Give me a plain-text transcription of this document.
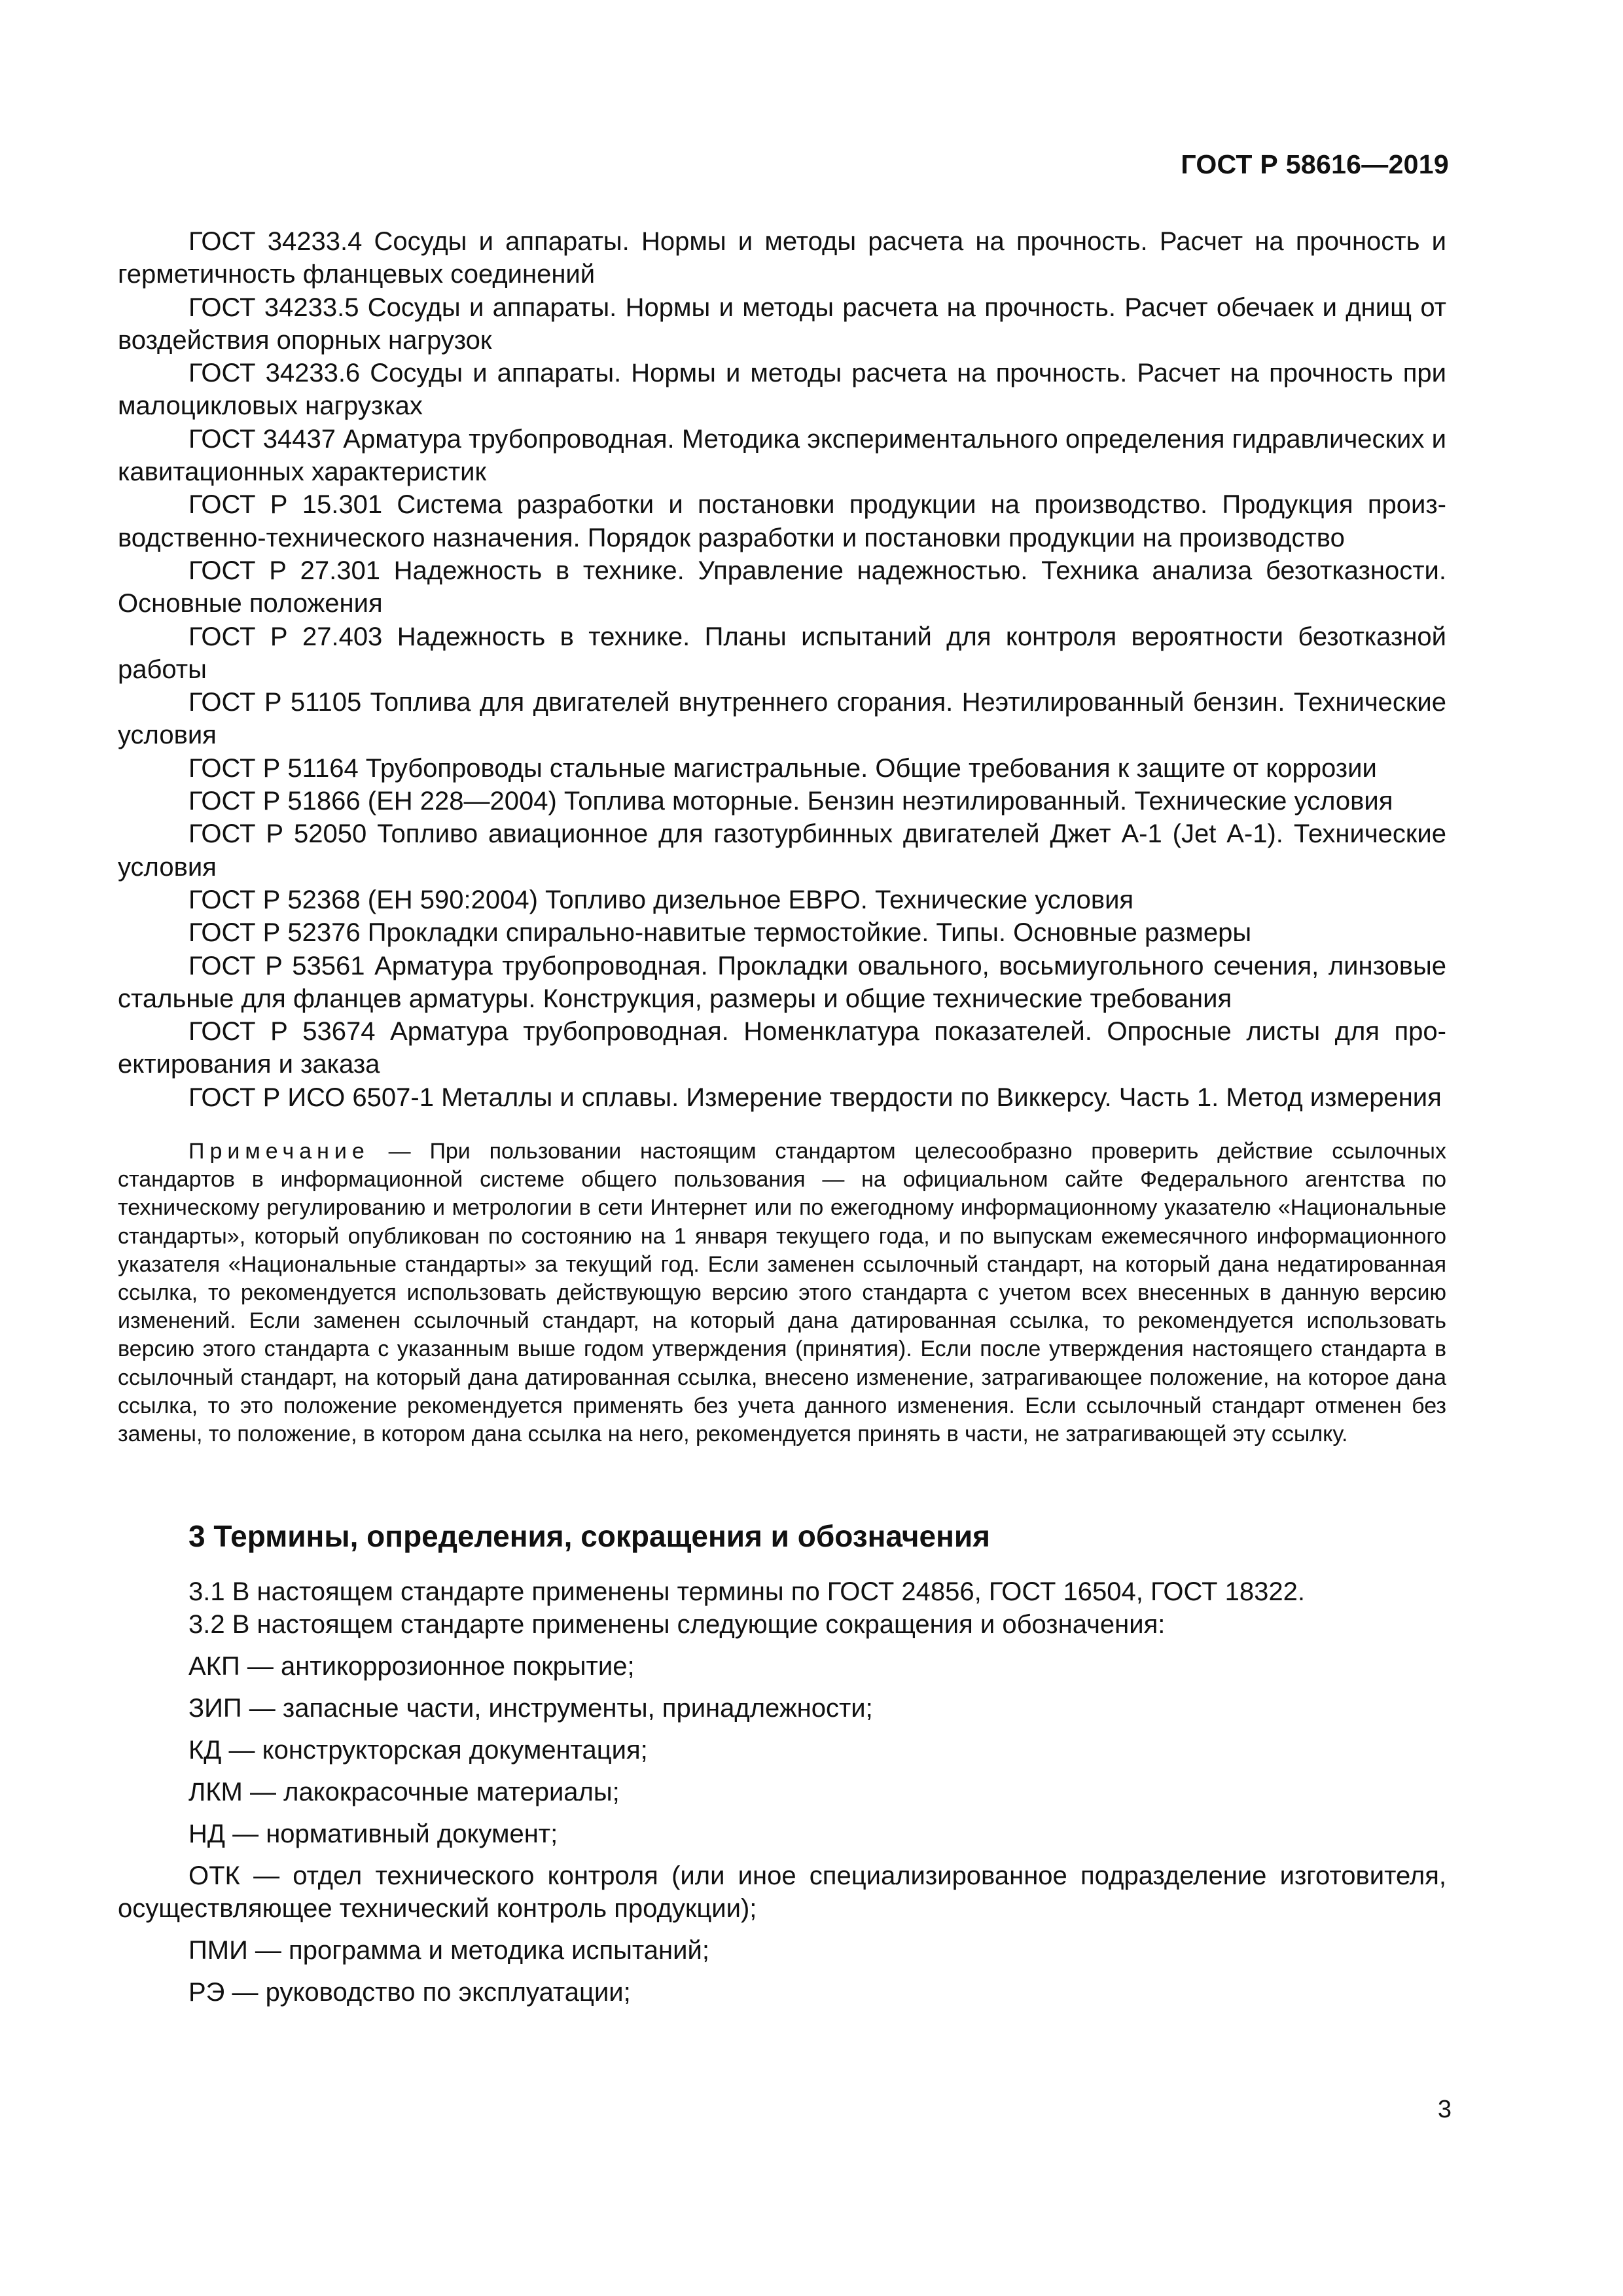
ГОСТ Р 58616—2019

ГОСТ 34233.4 Сосуды и аппараты. Нормы и методы расчета на прочность. Расчет на прочность и герметичность фланцевых соединений

ГОСТ 34233.5 Сосуды и аппараты. Нормы и методы расчета на прочность. Расчет обечаек и днищ от воздействия опорных нагрузок

ГОСТ 34233.6 Сосуды и аппараты. Нормы и методы расчета на прочность. Расчет на прочность при малоцикловых нагрузках

ГОСТ 34437 Арматура трубопроводная. Методика экспериментального определения гидравлических и кавитационных характеристик

ГОСТ Р 15.301 Система разработки и постановки продукции на производство. Продукция производственно-технического назначения. Порядок разработки и постановки продукции на производство

ГОСТ Р 27.301 Надежность в технике. Управление надежностью. Техника анализа безотказности. Основные положения

ГОСТ Р 27.403 Надежность в технике. Планы испытаний для контроля вероятности безотказной работы

ГОСТ Р 51105 Топлива для двигателей внутреннего сгорания. Неэтилированный бензин. Технические условия

ГОСТ Р 51164 Трубопроводы стальные магистральные. Общие требования к защите от коррозии

ГОСТ Р 51866 (ЕН 228—2004) Топлива моторные. Бензин неэтилированный. Технические условия

ГОСТ Р 52050 Топливо авиационное для газотурбинных двигателей Джет А-1 (Jet А-1). Технические условия

ГОСТ Р 52368 (ЕН 590:2004) Топливо дизельное ЕВРО. Технические условия

ГОСТ Р 52376 Прокладки спирально-навитые термостойкие. Типы. Основные размеры

ГОСТ Р 53561 Арматура трубопроводная. Прокладки овального, восьмиугольного сечения, линзовые стальные для фланцев арматуры. Конструкция, размеры и общие технические требования

ГОСТ Р 53674 Арматура трубопроводная. Номенклатура показателей. Опросные листы для проектирования и заказа

ГОСТ Р ИСО 6507-1 Металлы и сплавы. Измерение твердости по Виккерсу. Часть 1. Метод измерения

Примечание — При пользовании настоящим стандартом целесообразно проверить действие ссылочных стандартов в информационной системе общего пользования — на официальном сайте Федерального агентства по техническому регулированию и метрологии в сети Интернет или по ежегодному информационному указателю «Национальные стандарты», который опубликован по состоянию на 1 января текущего года, и по выпускам ежемесячного информационного указателя «Национальные стандарты» за текущий год. Если заменен ссылочный стандарт, на который дана недатированная ссылка, то рекомендуется использовать действующую версию этого стандарта с учетом всех внесенных в данную версию изменений. Если заменен ссылочный стандарт, на который дана датированная ссылка, то рекомендуется использовать версию этого стандарта с указанным выше годом утверждения (принятия). Если после утверждения настоящего стандарта в ссылочный стандарт, на который дана датированная ссылка, внесено изменение, затрагивающее положение, на которое дана ссылка, то это положение рекомендуется применять без учета данного изменения. Если ссылочный стандарт отменен без замены, то положение, в котором дана ссылка на него, рекомендуется принять в части, не затрагивающей эту ссылку.

3 Термины, определения, сокращения и обозначения

3.1 В настоящем стандарте применены термины по ГОСТ 24856, ГОСТ 16504, ГОСТ 18322.

3.2 В настоящем стандарте применены следующие сокращения и обозначения:

АКП — антикоррозионное покрытие;

ЗИП — запасные части, инструменты, принадлежности;

КД — конструкторская документация;

ЛКМ — лакокрасочные материалы;

НД — нормативный документ;

ОТК — отдел технического контроля (или иное специализированное подразделение изготовителя, осуществляющее технический контроль продукции);

ПМИ — программа и методика испытаний;

РЭ — руководство по эксплуатации;

3
